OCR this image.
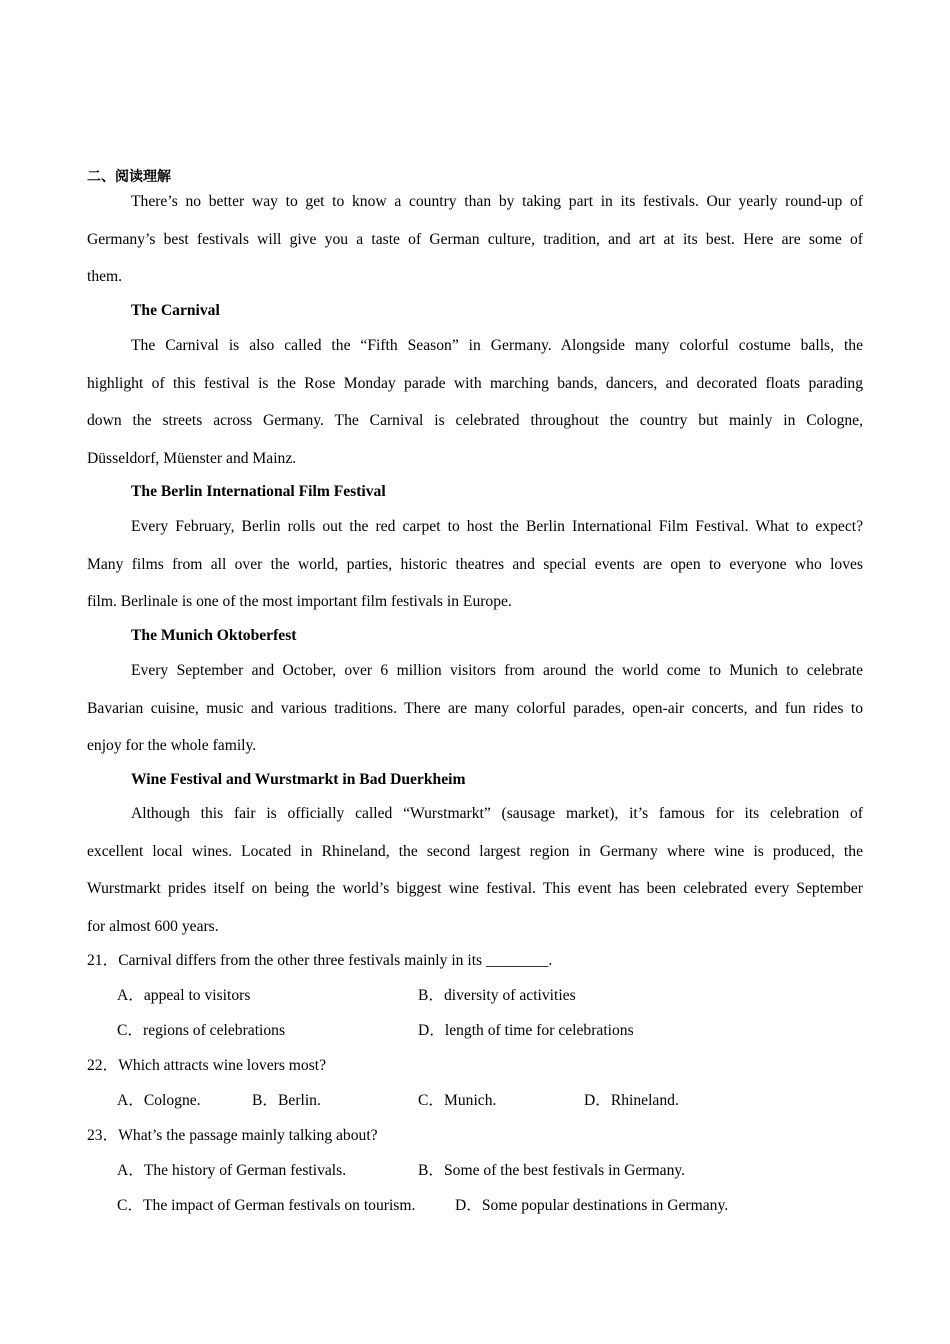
二、阅读理解
There’s no better way to get to know a country than by taking part in its festivals. Our yearly round-up of
Germany’s best festivals will give you a taste of German culture, tradition, and art at its best. Here are some of
them.
The Carnival
The Carnival is also called the “Fifth Season” in Germany. Alongside many colorful costume balls, the
highlight of this festival is the Rose Monday parade with marching bands, dancers, and decorated floats parading
down the streets across Germany. The Carnival is celebrated throughout the country but mainly in Cologne,
Düsseldorf, Müenster and Mainz.
The Berlin International Film Festival
Every February, Berlin rolls out the red carpet to host the Berlin International Film Festival. What to expect?
Many films from all over the world, parties, historic theatres and special events are open to everyone who loves
film. Berlinale is one of the most important film festivals in Europe.
The Munich Oktoberfest
Every September and October, over 6 million visitors from around the world come to Munich to celebrate
Bavarian cuisine, music and various traditions. There are many colorful parades, open-air concerts, and fun rides to
enjoy for the whole family.
Wine Festival and Wurstmarkt in Bad Duerkheim
Although this fair is officially called “Wurstmarkt” (sausage market), it’s famous for its celebration of
excellent local wines. Located in Rhineland, the second largest region in Germany where wine is produced, the
Wurstmarkt prides itself on being the world’s biggest wine festival. This event has been celebrated every September
for almost 600 years.
21．Carnival differs from the other three festivals mainly in its ________.
A．appeal to visitors	B．diversity of activities
C．regions of celebrations	D．length of time for celebrations
22．Which attracts wine lovers most?
A．Cologne.	B．Berlin.	C．Munich.	D．Rhineland.
23．What’s the passage mainly talking about?
A．The history of German festivals.	B．Some of the best festivals in Germany.
C．The impact of German festivals on tourism.	D．Some popular destinations in Germany.
